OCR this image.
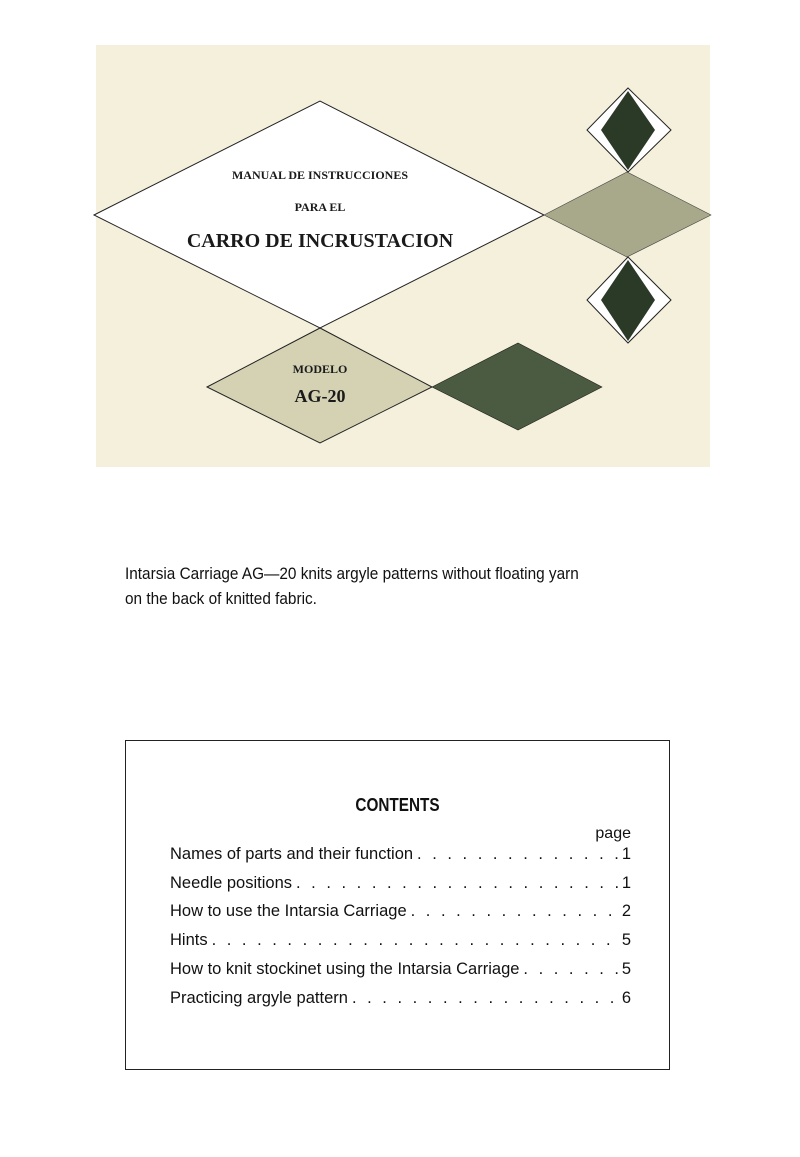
MANUAL DE INSTRUCCIONES
PARA EL
CARRO DE INCRUSTACION
MODELO
AG-20
Intarsia Carriage AG—20 knits argyle patterns without floating yarn
on the back of knitted fabric.
CONTENTS
page
Names of parts and their function . . .	1
Needle positions . . .	1
How to use the Intarsia Carriage . . .	2
Hints . . .	5
How to knit stockinet using the Intarsia Carriage . . .	5
Practicing argyle pattern . . .	6
